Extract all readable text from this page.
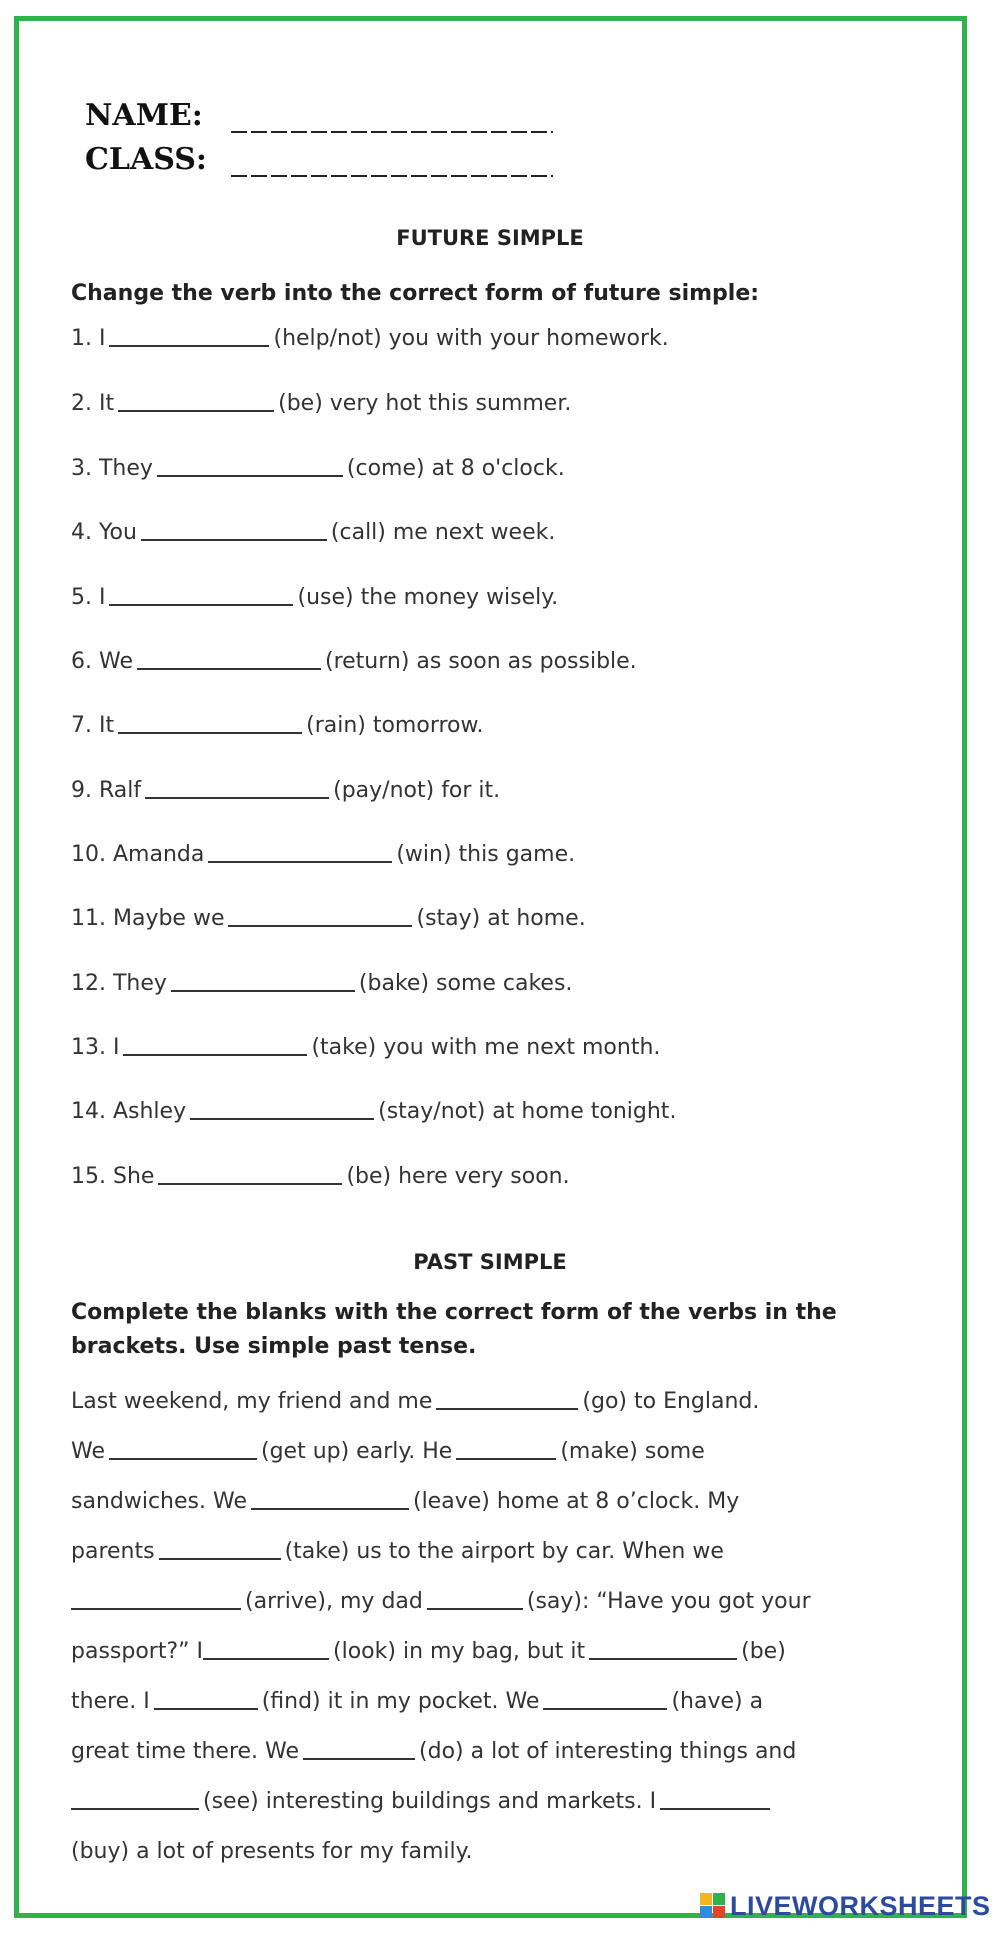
NAME:
CLASS:
FUTURE SIMPLE
Change the verb into the correct form of future simple:
1. I	(help/not) you with your homework.
2. It	(be) very hot this summer.
3. They	(come) at 8 o'clock.
4. You	(call) me next week.
5. I	(use) the money wisely.
6. We	(return) as soon as possible.
7. It	(rain) tomorrow.
9. Ralf	(pay/not) for it.
10. Amanda	(win) this game.
11. Maybe we	(stay) at home.
12. They	(bake) some cakes.
13. I	(take) you with me next month.
14. Ashley	(stay/not) at home tonight.
15. She	(be) here very soon.
PAST SIMPLE
Complete the blanks with the correct form of the verbs in the
brackets. Use simple past tense.
Last weekend, my friend and me	(go) to England.
We	(get up) early. He	(make) some
sandwiches. We	(leave) home at 8 o’clock. My
parents	(take) us to the airport by car. When we
(arrive), my dad	(say): “Have you got your
passport?” I	(look) in my bag, but it	(be)
there. I	(find) it in my pocket. We	(have) a
great time there. We	(do) a lot of interesting things and
(see) interesting buildings and markets. I
(buy) a lot of presents for my family.
LIVEWORKSHEETS
